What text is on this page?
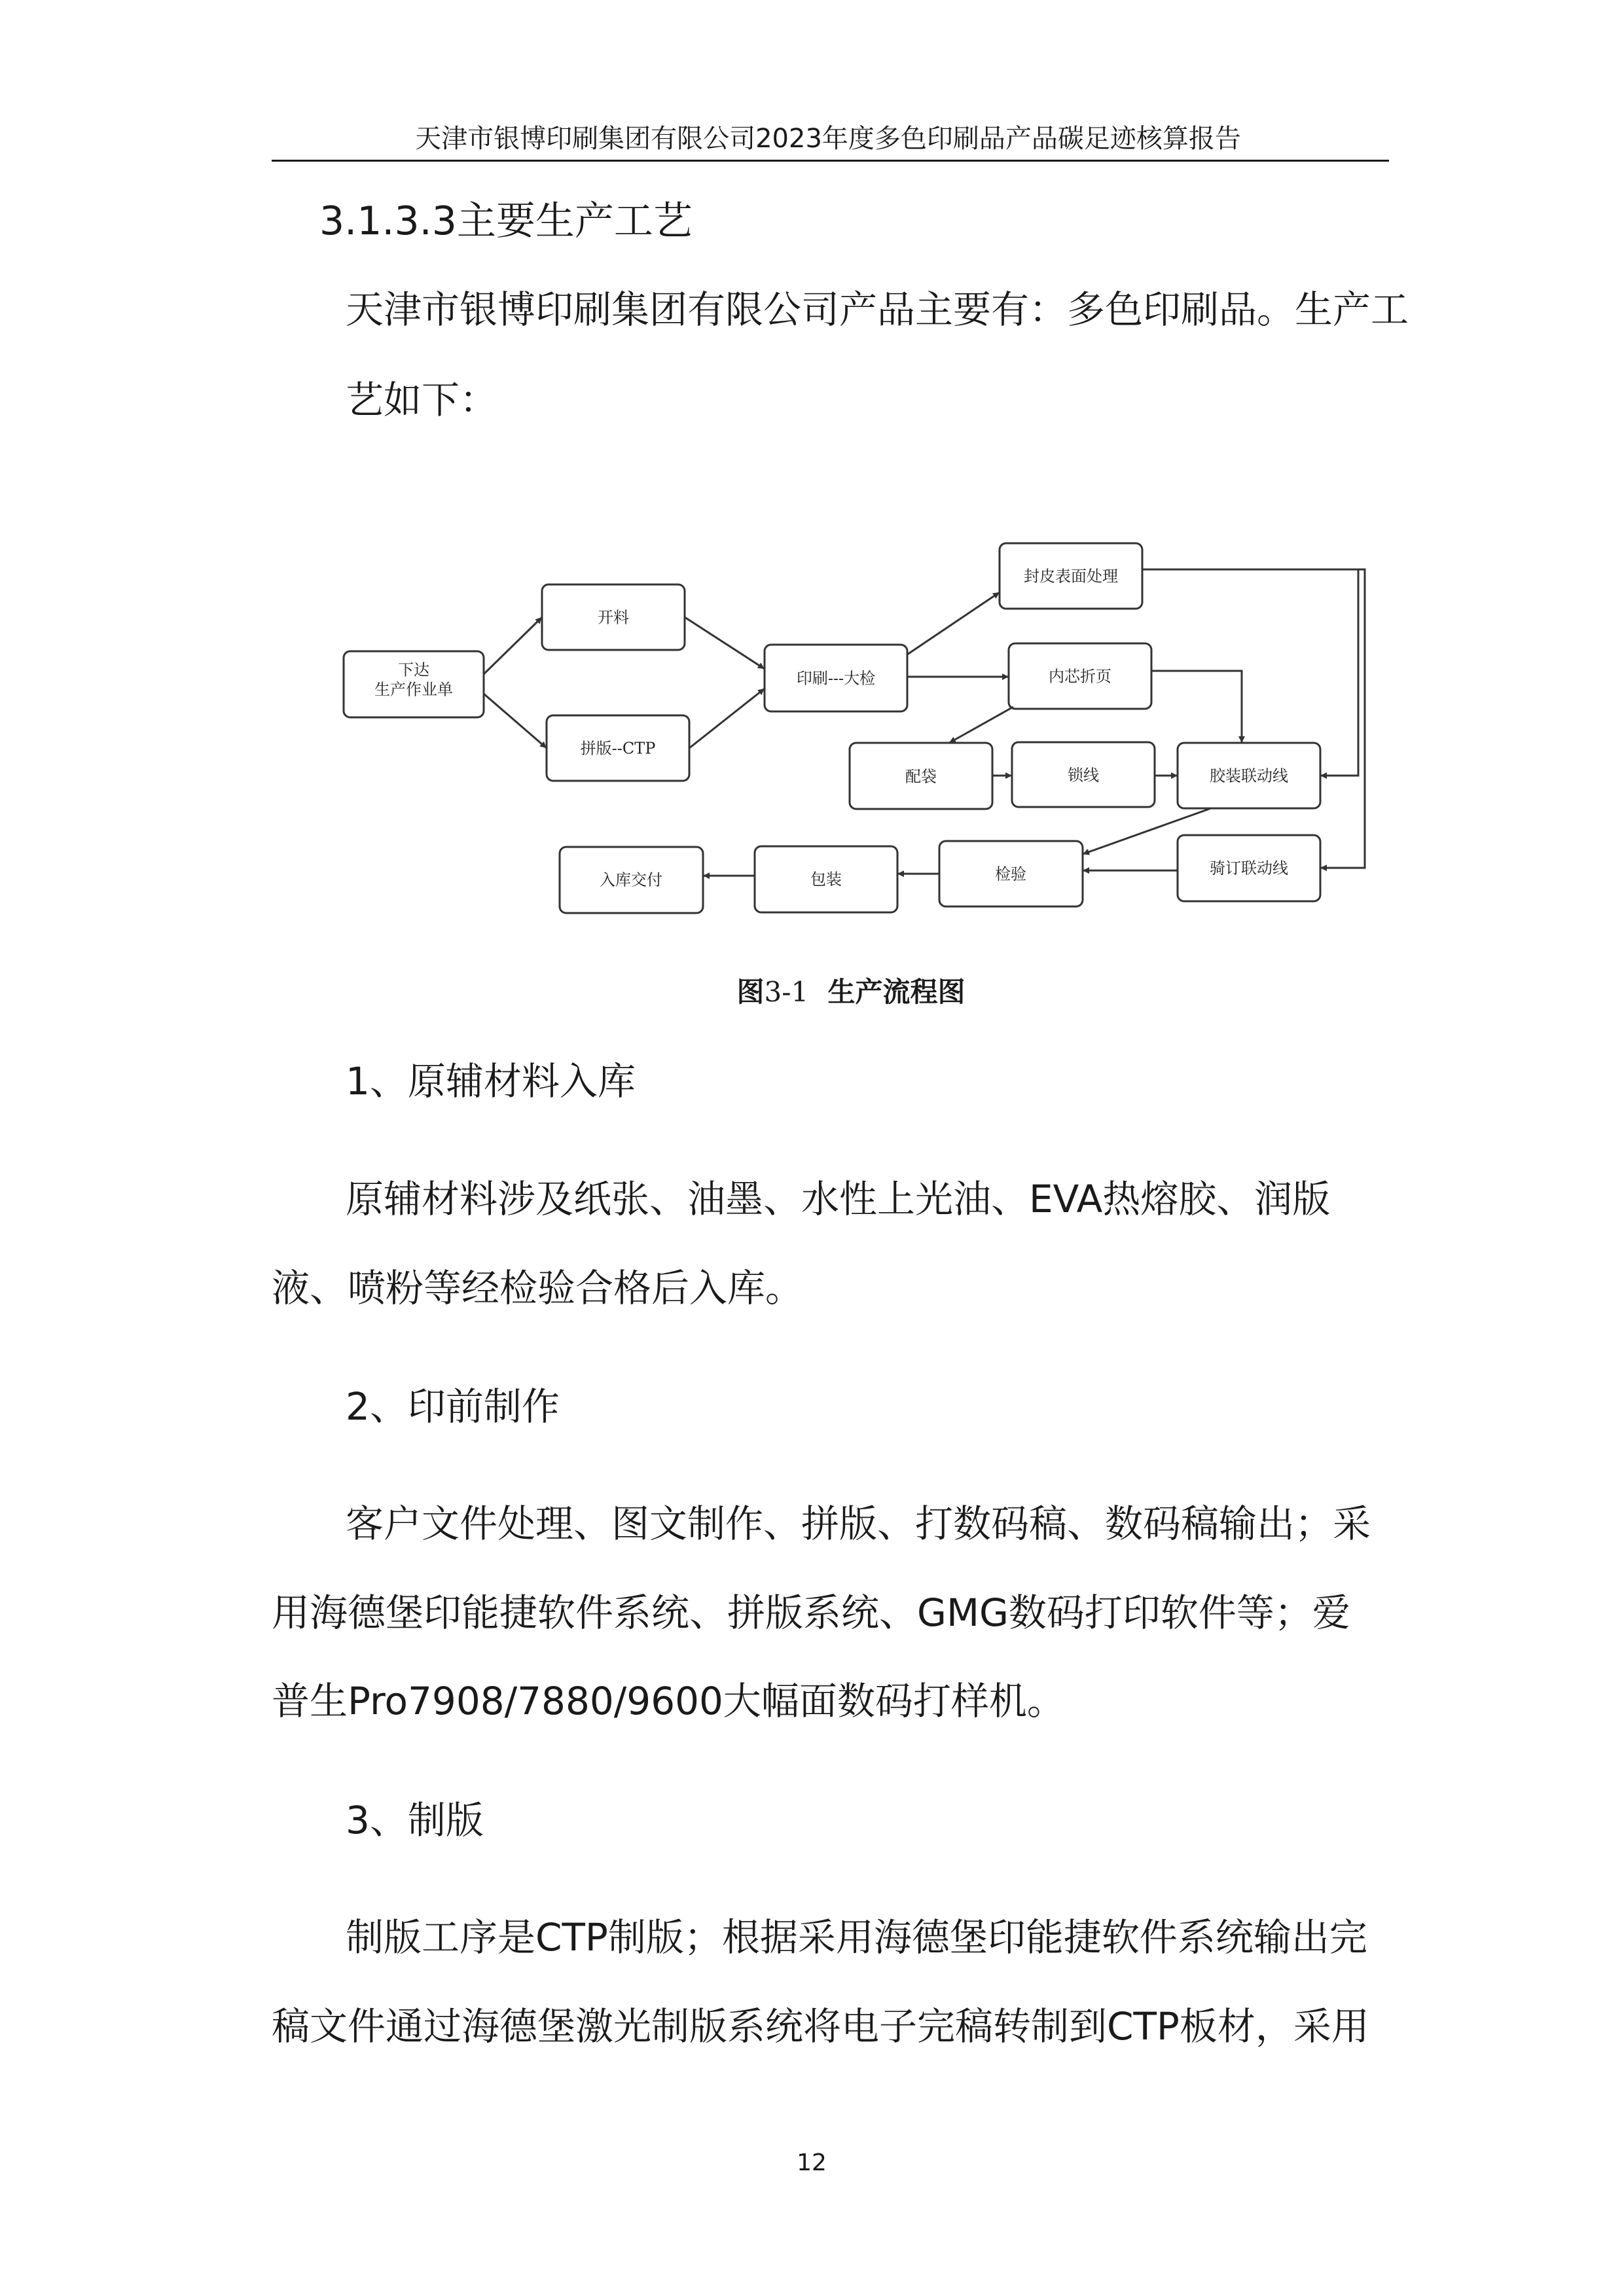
天津市银博印刷集团有限公司2023年度多色印刷品产品碳足迹核算报告
3.1.3.3主要生产工艺
天津市银博印刷集团有限公司产品主要有：多色印刷品。生产工
艺如下：
下达
生产作业单
开料
拼版--CTP
印刷---大检
封皮表面处理
内芯折页
配袋	锁线	胶装联动线
骑订联动线
检验
包装
入库交付
图3-1 生产流程图
1、原辅材料入库
原辅材料涉及纸张、油墨、水性上光油、EVA热熔胶、润版
液、喷粉等经检验合格后入库。
2、印前制作
客户文件处理、图文制作、拼版、打数码稿、数码稿输出；采
用海德堡印能捷软件系统、拼版系统、GMG数码打印软件等；爱
普生Pro7908/7880/9600大幅面数码打样机。
3、制版
制版工序是CTP制版；根据采用海德堡印能捷软件系统输出完
稿文件通过海德堡激光制版系统将电子完稿转制到CTP板材，采用
12
